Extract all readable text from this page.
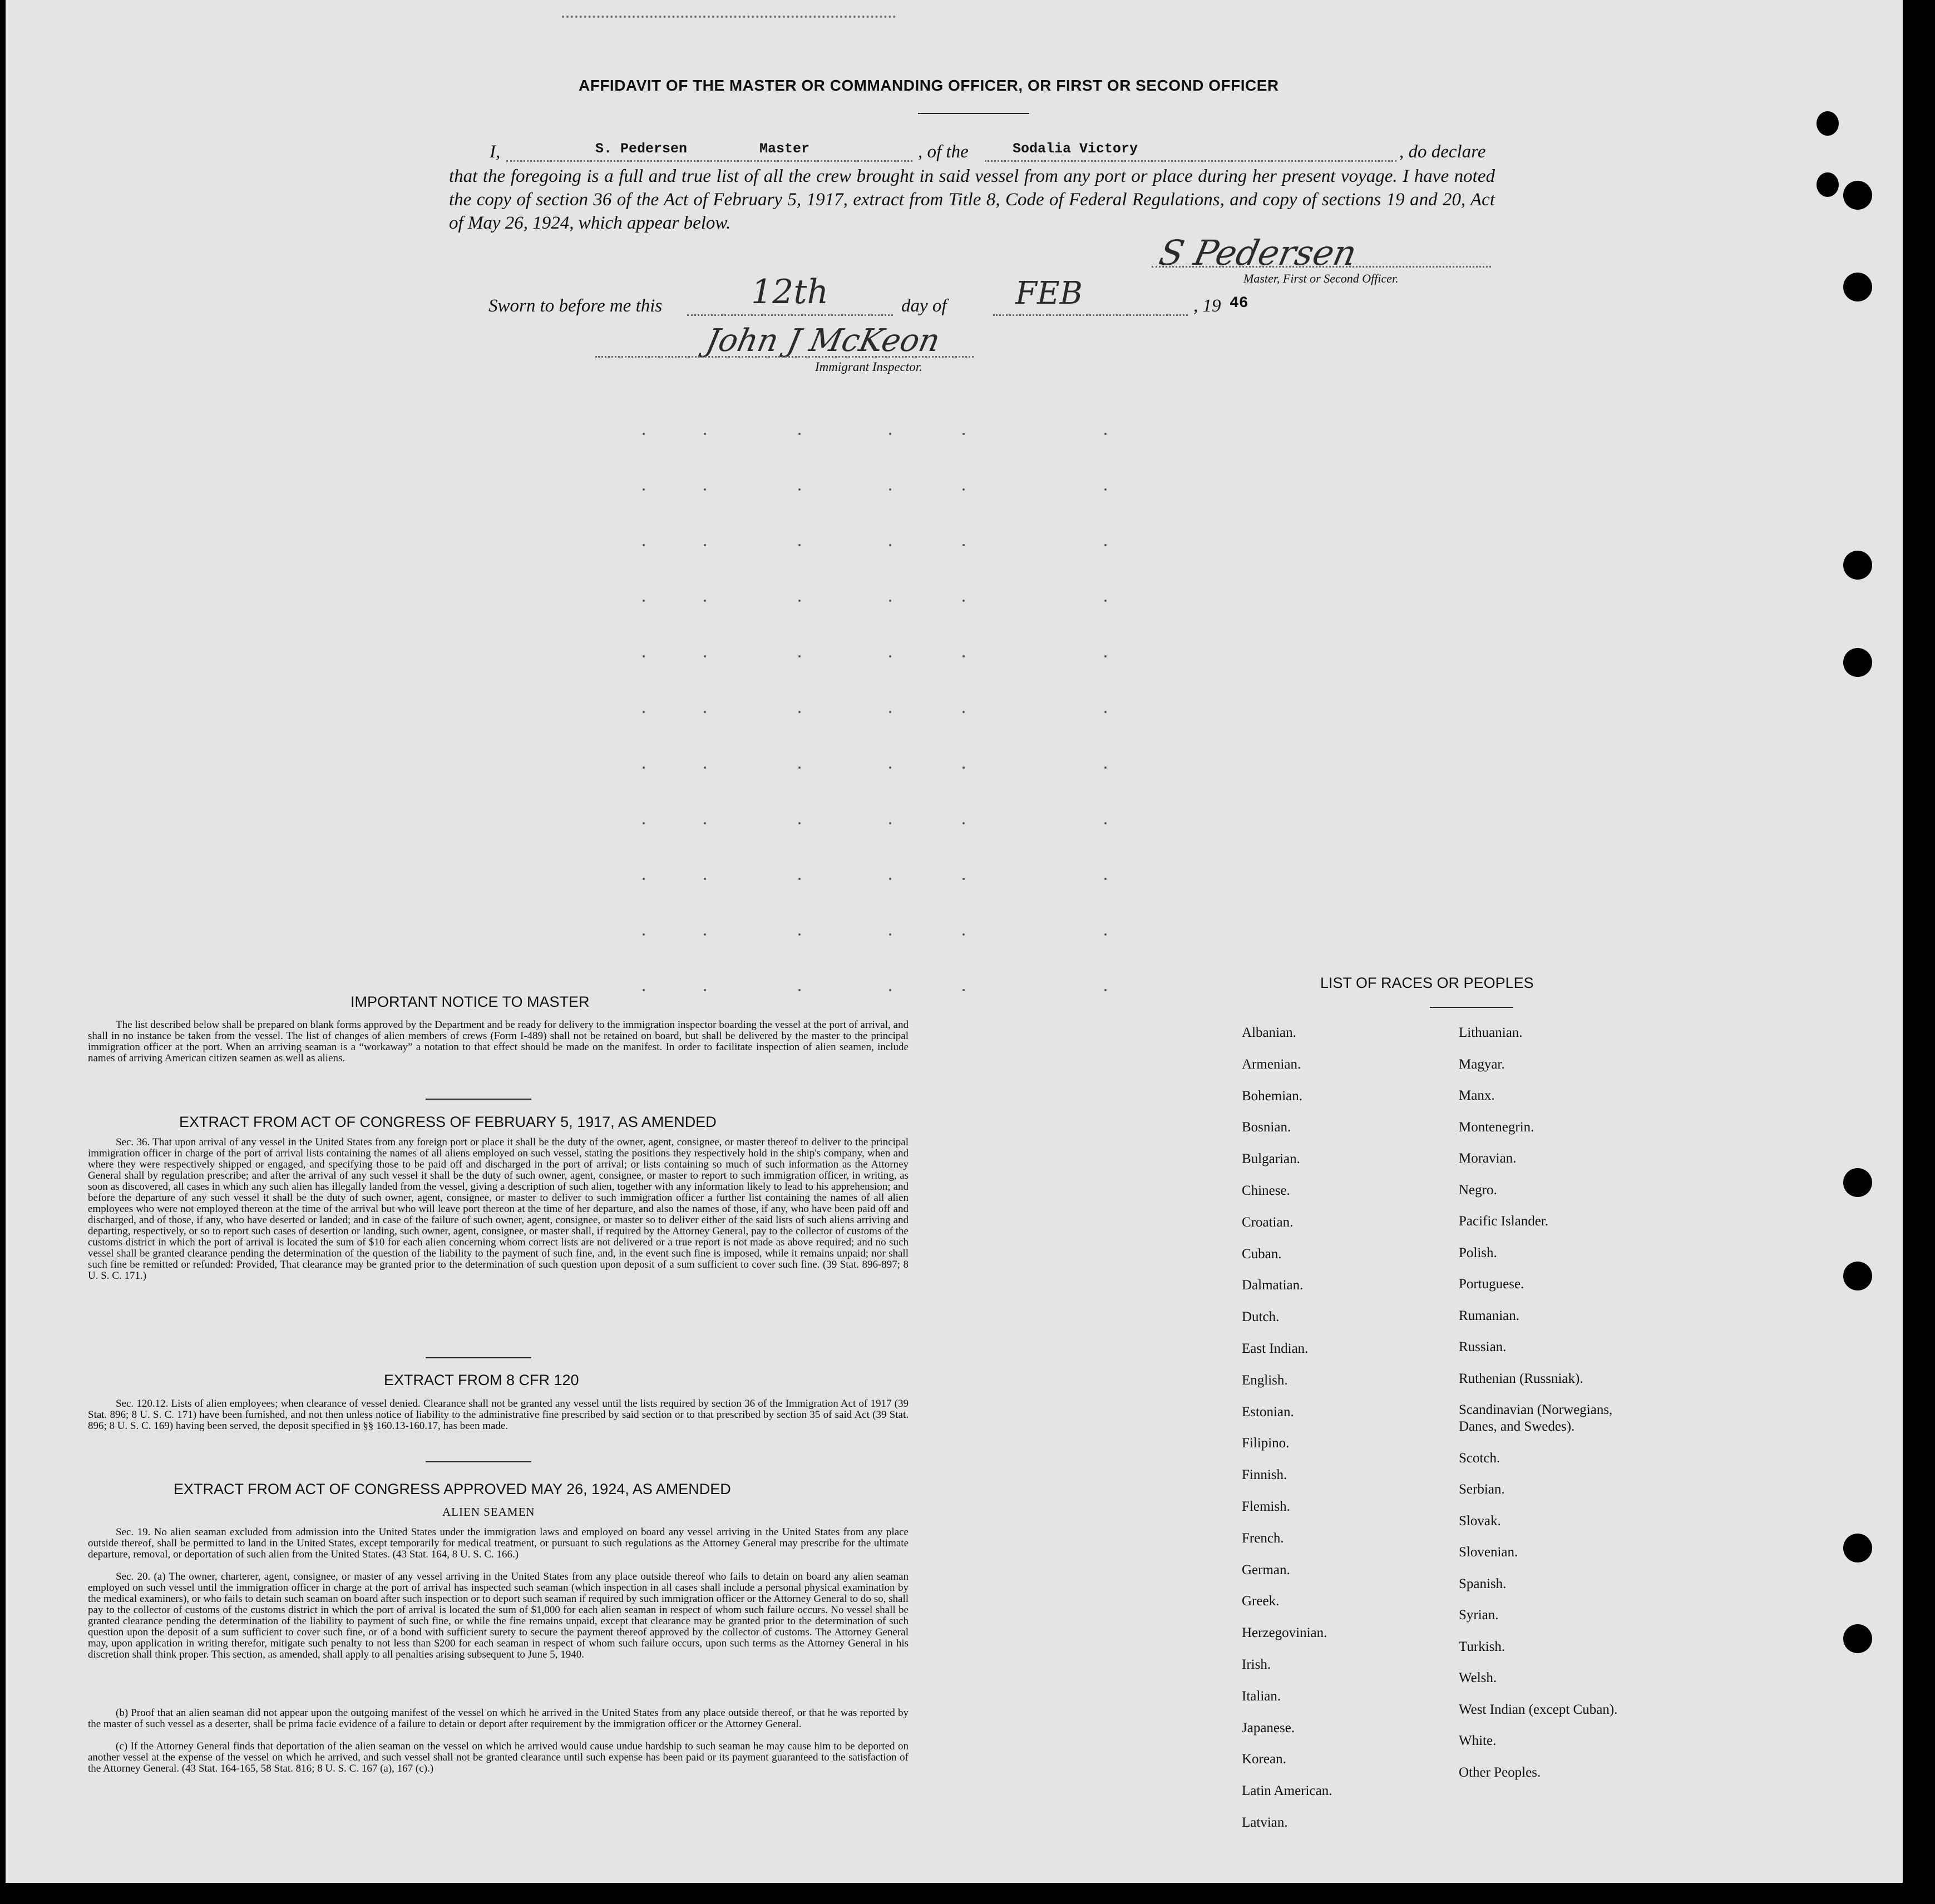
AFFIDAVIT OF THE MASTER OR COMMANDING OFFICER, OR FIRST OR SECOND OFFICER
I,	S. Pedersen	Master	, of the	Sodalia Victory	, do declare
that the foregoing is a full and true list of all the crew brought in said vessel from any port or place during her present voyage. I have noted the copy of section 36 of the Act of February 5, 1917, extract from Title 8, Code of Federal Regulations, and copy of sections 19 and 20, Act of May 26, 1924, which appear below.
S Pedersen
Master, First or Second Officer.
Sworn to before me this	12th	day of FEB	, 19 46
John J McKeon
Immigrant Inspector.
IMPORTANT NOTICE TO MASTER
The list described below shall be prepared on blank forms approved by the Department and be ready for delivery to the immigration inspector boarding the vessel at the port of arrival, and shall in no instance be taken from the vessel. The list of changes of alien members of crews (Form I-489) shall not be retained on board, but shall be delivered by the master to the principal immigration officer at the port. When an arriving seaman is a “workaway” a notation to that effect should be made on the manifest. In order to facilitate inspection of alien seamen, include names of arriving American citizen seamen as well as aliens.
EXTRACT FROM ACT OF CONGRESS OF FEBRUARY 5, 1917, AS AMENDED
Sec. 36. That upon arrival of any vessel in the United States from any foreign port or place it shall be the duty of the owner, agent, consignee, or master thereof to deliver to the principal immigration officer in charge of the port of arrival lists containing the names of all aliens employed on such vessel, stating the positions they respectively hold in the ship's company, when and where they were respectively shipped or engaged, and specifying those to be paid off and discharged in the port of arrival; or lists containing so much of such information as the Attorney General shall by regulation prescribe; and after the arrival of any such vessel it shall be the duty of such owner, agent, consignee, or master to report to such immigration officer, in writing, as soon as discovered, all cases in which any such alien has illegally landed from the vessel, giving a description of such alien, together with any information likely to lead to his apprehension; and before the departure of any such vessel it shall be the duty of such owner, agent, consignee, or master to deliver to such immigration officer a further list containing the names of all alien employees who were not employed thereon at the time of the arrival but who will leave port thereon at the time of her departure, and also the names of those, if any, who have been paid off and discharged, and of those, if any, who have deserted or landed; and in case of the failure of such owner, agent, consignee, or master so to deliver either of the said lists of such aliens arriving and departing, respectively, or so to report such cases of desertion or landing, such owner, agent, consignee, or master shall, if required by the Attorney General, pay to the collector of customs of the customs district in which the port of arrival is located the sum of $10 for each alien concerning whom correct lists are not delivered or a true report is not made as above required; and no such vessel shall be granted clearance pending the determination of the question of the liability to the payment of such fine, and, in the event such fine is imposed, while it remains unpaid; nor shall such fine be remitted or refunded: Provided, That clearance may be granted prior to the determination of such question upon deposit of a sum sufficient to cover such fine. (39 Stat. 896-897; 8 U. S. C. 171.)
EXTRACT FROM 8 CFR 120
Sec. 120.12. Lists of alien employees; when clearance of vessel denied. Clearance shall not be granted any vessel until the lists required by section 36 of the Immigration Act of 1917 (39 Stat. 896; 8 U. S. C. 171) have been furnished, and not then unless notice of liability to the administrative fine prescribed by said section or to that prescribed by section 35 of said Act (39 Stat. 896; 8 U. S. C. 169) having been served, the deposit specified in §§ 160.13-160.17, has been made.
EXTRACT FROM ACT OF CONGRESS APPROVED MAY 26, 1924, AS AMENDED
ALIEN SEAMEN
Sec. 19. No alien seaman excluded from admission into the United States under the immigration laws and employed on board any vessel arriving in the United States from any place outside thereof, shall be permitted to land in the United States, except temporarily for medical treatment, or pursuant to such regulations as the Attorney General may prescribe for the ultimate departure, removal, or deportation of such alien from the United States. (43 Stat. 164, 8 U. S. C. 166.)
Sec. 20. (a) The owner, charterer, agent, consignee, or master of any vessel arriving in the United States from any place outside thereof who fails to detain on board any alien seaman employed on such vessel until the immigration officer in charge at the port of arrival has inspected such seaman (which inspection in all cases shall include a personal physical examination by the medical examiners), or who fails to detain such seaman on board after such inspection or to deport such seaman if required by such immigration officer or the Attorney General to do so, shall pay to the collector of customs of the customs district in which the port of arrival is located the sum of $1,000 for each alien seaman in respect of whom such failure occurs. No vessel shall be granted clearance pending the determination of the liability to payment of such fine, or while the fine remains unpaid, except that clearance may be granted prior to the determination of such question upon the deposit of a sum sufficient to cover such fine, or of a bond with sufficient surety to secure the payment thereof approved by the collector of customs. The Attorney General may, upon application in writing therefor, mitigate such penalty to not less than $200 for each seaman in respect of whom such failure occurs, upon such terms as the Attorney General in his discretion shall think proper. This section, as amended, shall apply to all penalties arising subsequent to June 5, 1940.
(b) Proof that an alien seaman did not appear upon the outgoing manifest of the vessel on which he arrived in the United States from any place outside thereof, or that he was reported by the master of such vessel as a deserter, shall be prima facie evidence of a failure to detain or deport after requirement by the immigration officer or the Attorney General.
(c) If the Attorney General finds that deportation of the alien seaman on the vessel on which he arrived would cause undue hardship to such seaman he may cause him to be deported on another vessel at the expense of the vessel on which he arrived, and such vessel shall not be granted clearance until such expense has been paid or its payment guaranteed to the satisfaction of the Attorney General. (43 Stat. 164-165, 58 Stat. 816; 8 U. S. C. 167 (a), 167 (c).)
LIST OF RACES OR PEOPLES
Albanian.
Armenian.
Bohemian.
Bosnian.
Bulgarian.
Chinese.
Croatian.
Cuban.
Dalmatian.
Dutch.
East Indian.
English.
Estonian.
Filipino.
Finnish.
Flemish.
French.
German.
Greek.
Herzegovinian.
Irish.
Italian.
Japanese.
Korean.
Latin American.
Latvian.
Lithuanian.
Magyar.
Manx.
Montenegrin.
Moravian.
Negro.
Pacific Islander.
Polish.
Portuguese.
Rumanian.
Russian.
Ruthenian (Russniak).
Scandinavian (Norwegians,
Danes, and Swedes).
Scotch.
Serbian.
Slovak.
Slovenian.
Spanish.
Syrian.
Turkish.
Welsh.
West Indian (except Cuban).
White.
Other Peoples.
